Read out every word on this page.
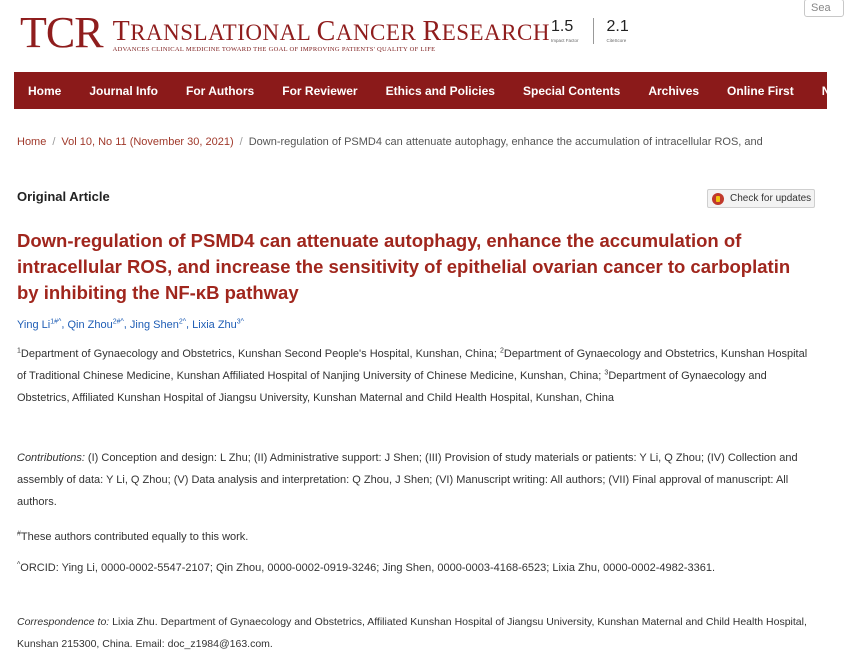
TCR TRANSLATIONAL CANCER RESEARCH
ADVANCES CLINICAL MEDICINE TOWARD THE GOAL OF IMPROVING PATIENTS' QUALITY OF LIFE
1.5
Impact Factor
2.1
CiteScore
Sea
Home	Journal Info	For Authors	For Reviewer	Ethics and Policies	Special Contents	Archives	Online First	N
Home / Vol 10, No 11 (November 30, 2021) / Down-regulation of PSMD4 can attenuate autophagy, enhance the accumulation of intracellular ROS, and
Original Article	Check for updates
Down-regulation of PSMD4 can attenuate autophagy, enhance the accumulation of intracellular ROS, and increase the sensitivity of epithelial ovarian cancer to carboplatin by inhibiting the NF-κB pathway
Ying $Li^{1\#\^{}}$, Qin Zhou$^{2\#\^{}}$, Jing Shen$^{2\^{}}$, Lixia Zhu$^{3\^{}}$
$^1$Department of Gynaecology and Obstetrics, Kunshan Second People's Hospital, Kunshan, China; $^2$Department of Gynaecology and Obstetrics, Kunshan Hospital of Traditional Chinese Medicine, Kunshan Affiliated Hospital of Nanjing University of Chinese Medicine, Kunshan, China; $^3$Department of Gynaecology and Obstetrics, Affiliated Kunshan Hospital of Jiangsu University, Kunshan Maternal and Child Health Hospital, Kunshan, China
Contributions: (I) Conception and design: L Zhu; (II) Administrative support: J Shen; (III) Provision of study materials or patients: Y Li, Q Zhou; (IV) Collection and assembly of data: Y Li, Q Zhou; (V) Data analysis and interpretation: Q Zhou, J Shen; (VI) Manuscript writing: All authors; (VII) Final approval of manuscript: All authors.
#These authors contributed equally to this work.
^ORCID: Ying Li, 0000-0002-5547-2107; Qin Zhou, 0000-0002-0919-3246; Jing Shen, 0000-0003-4168-6523; Lixia Zhu, 0000-0002-4982-3361.
Correspondence to: Lixia Zhu. Department of Gynaecology and Obstetrics, Affiliated Kunshan Hospital of Jiangsu University, Kunshan Maternal and Child Health Hospital, Kunshan 215300, China. Email: doc_z1984@163.com.
